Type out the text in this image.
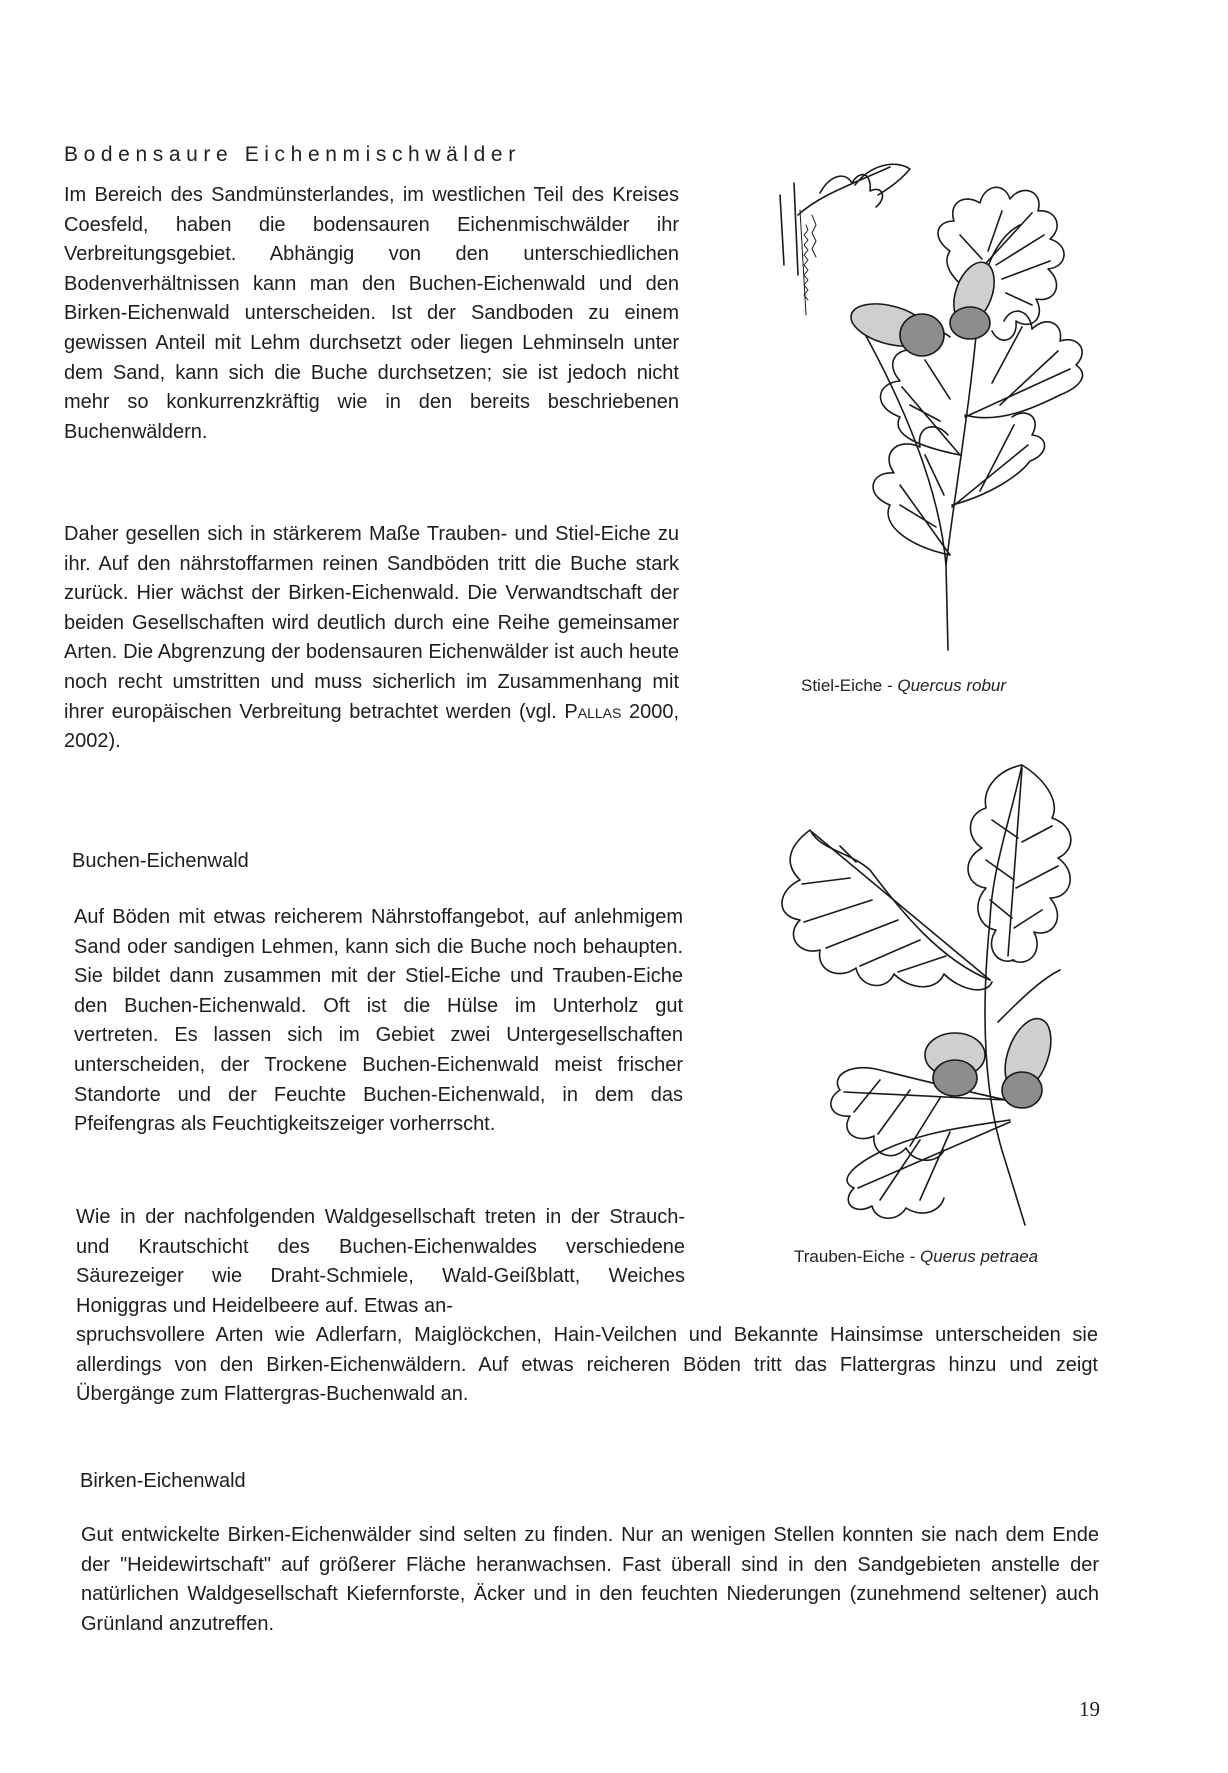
Bodensaure Eichenmischwälder

Im Bereich des Sandmünsterlandes, im westlichen Teil des Kreises Coesfeld, haben die bodensauren Eichenmischwälder ihr Verbreitungsgebiet. Abhängig von den unterschiedlichen Bodenverhältnissen kann man den Buchen-Eichenwald und den Birken-Eichenwald unterscheiden. Ist der Sandboden zu einem gewissen Anteil mit Lehm durchsetzt oder liegen Lehminseln unter dem Sand, kann sich die Buche durchsetzen; sie ist jedoch nicht mehr so konkurrenzkräftig wie in den bereits beschriebenen Buchenwäldern.

Daher gesellen sich in stärkerem Maße Trauben- und Stiel-Eiche zu ihr. Auf den nährstoffarmen reinen Sandböden tritt die Buche stark zurück. Hier wächst der Birken-Eichenwald. Die Verwandtschaft der beiden Gesellschaften wird deutlich durch eine Reihe gemeinsamer Arten. Die Abgrenzung der bodensauren Eichenwälder ist auch heute noch recht umstritten und muss sicherlich im Zusammenhang mit ihrer europäischen Verbreitung betrachtet werden (vgl. Pallas 2000, 2002).

Buchen-Eichenwald

Auf Böden mit etwas reicherem Nährstoffangebot, auf anlehmigem Sand oder sandigen Lehmen, kann sich die Buche noch behaupten. Sie bildet dann zusammen mit der Stiel-Eiche und Trauben-Eiche den Buchen-Eichenwald. Oft ist die Hülse im Unterholz gut vertreten. Es lassen sich im Gebiet zwei Untergesellschaften unterscheiden, der Trockene Buchen-Eichenwald meist frischer Standorte und der Feuchte Buchen-Eichenwald, in dem das Pfeifengras als Feuchtigkeitszeiger vorherrscht.

Wie in der nachfolgenden Waldgesellschaft treten in der Strauch- und Krautschicht des Buchen-Eichenwaldes verschiedene Säurezeiger wie Draht-Schmiele, Wald-Geißblatt, Weiches Honiggras und Heidelbeere auf. Etwas an-

spruchsvollere Arten wie Adlerfarn, Maiglöckchen, Hain-Veilchen und Bekannte Hainsimse unterscheiden sie allerdings von den Birken-Eichenwäldern. Auf etwas reicheren Böden tritt das Flattergras hinzu und zeigt Übergänge zum Flattergras-Buchenwald an.

Birken-Eichenwald

Gut entwickelte Birken-Eichenwälder sind selten zu finden. Nur an wenigen Stellen konnten sie nach dem Ende der "Heidewirtschaft" auf größerer Fläche heranwachsen. Fast überall sind in den Sandgebieten anstelle der natürlichen Waldgesellschaft Kiefernforste, Äcker und in den feuchten Niederungen (zunehmend seltener) auch Grünland anzutreffen.

Stiel-Eiche - Quercus robur
Trauben-Eiche - Querus petraea
19
